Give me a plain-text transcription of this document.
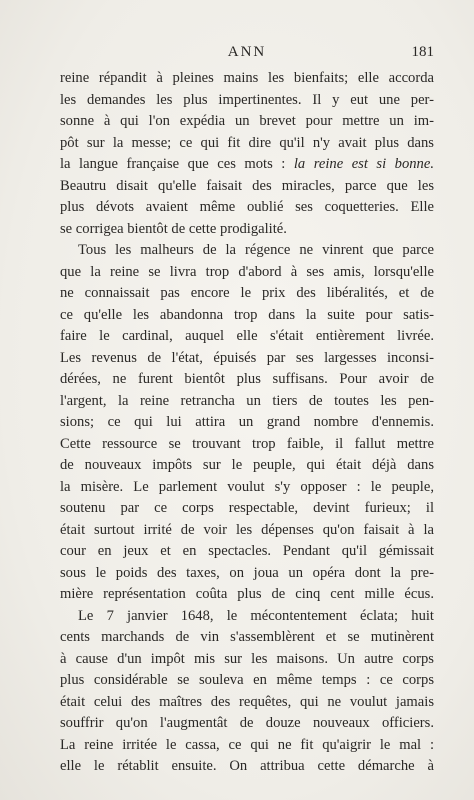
ANN	181
reine répandit à pleines mains les bienfaits; elle accorda
les demandes les plus impertinentes. Il y eut une per-
sonne à qui l'on expédia un brevet pour mettre un im-
pôt sur la messe; ce qui fit dire qu'il n'y avait plus dans
la langue française que ces mots : la reine est si bonne.
Beautru disait qu'elle faisait des miracles, parce que les
plus dévots avaient même oublié ses coquetteries. Elle
se corrigea bientôt de cette prodigalité.
Tous les malheurs de la régence ne vinrent que parce
que la reine se livra trop d'abord à ses amis, lorsqu'elle
ne connaissait pas encore le prix des libéralités, et de
ce qu'elle les abandonna trop dans la suite pour satis-
faire le cardinal, auquel elle s'était entièrement livrée.
Les revenus de l'état, épuisés par ses largesses inconsi-
dérées, ne furent bientôt plus suffisans. Pour avoir de
l'argent, la reine retrancha un tiers de toutes les pen-
sions; ce qui lui attira un grand nombre d'ennemis.
Cette ressource se trouvant trop faible, il fallut mettre
de nouveaux impôts sur le peuple, qui était déjà dans
la misère. Le parlement voulut s'y opposer : le peuple,
soutenu par ce corps respectable, devint furieux; il
était surtout irrité de voir les dépenses qu'on faisait à la
cour en jeux et en spectacles. Pendant qu'il gémissait
sous le poids des taxes, on joua un opéra dont la pre-
mière représentation coûta plus de cinq cent mille écus.
Le 7 janvier 1648, le mécontentement éclata; huit
cents marchands de vin s'assemblèrent et se mutinèrent
à cause d'un impôt mis sur les maisons. Un autre corps
plus considérable se souleva en même temps : ce corps
était celui des maîtres des requêtes, qui ne voulut jamais
souffrir qu'on l'augmentât de douze nouveaux officiers.
La reine irritée le cassa, ce qui ne fit qu'aigrir le mal :
elle le rétablit ensuite. On attribua cette démarche à
